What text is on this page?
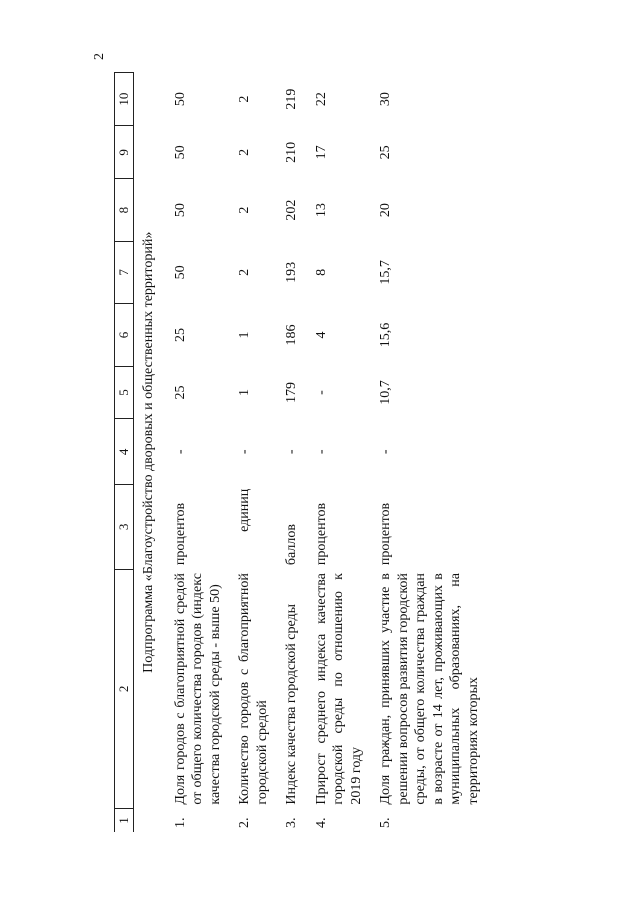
2
1	2	3	4	5	6	7	8	9	10
Подпрограмма «Благоустройство дворовых и общественных территорий»									
1.	Доля городов с благоприятной средой от общего количества городов (индекс качества городской среды - выше 50)	процентов	-	25	25	50	50	50	50
2.	Количество городов с благоприятной городской средой	единиц	-	1	1	2	2	2	2
3.	Индекс качества городской среды	баллов	-	179	186	193	202	210	219
4.	Прирост среднего индекса качества городской среды по отношению к 2019 году	процентов	-	-	4	8	13	17	22
5.	Доля граждан, принявших участие в решении вопросов развития городской среды, от общего количества граждан в возрасте от 14 лет, проживающих в муниципальных образованиях, на территориях которых	процентов	-	10,7	15,6	15,7	20	25	30
